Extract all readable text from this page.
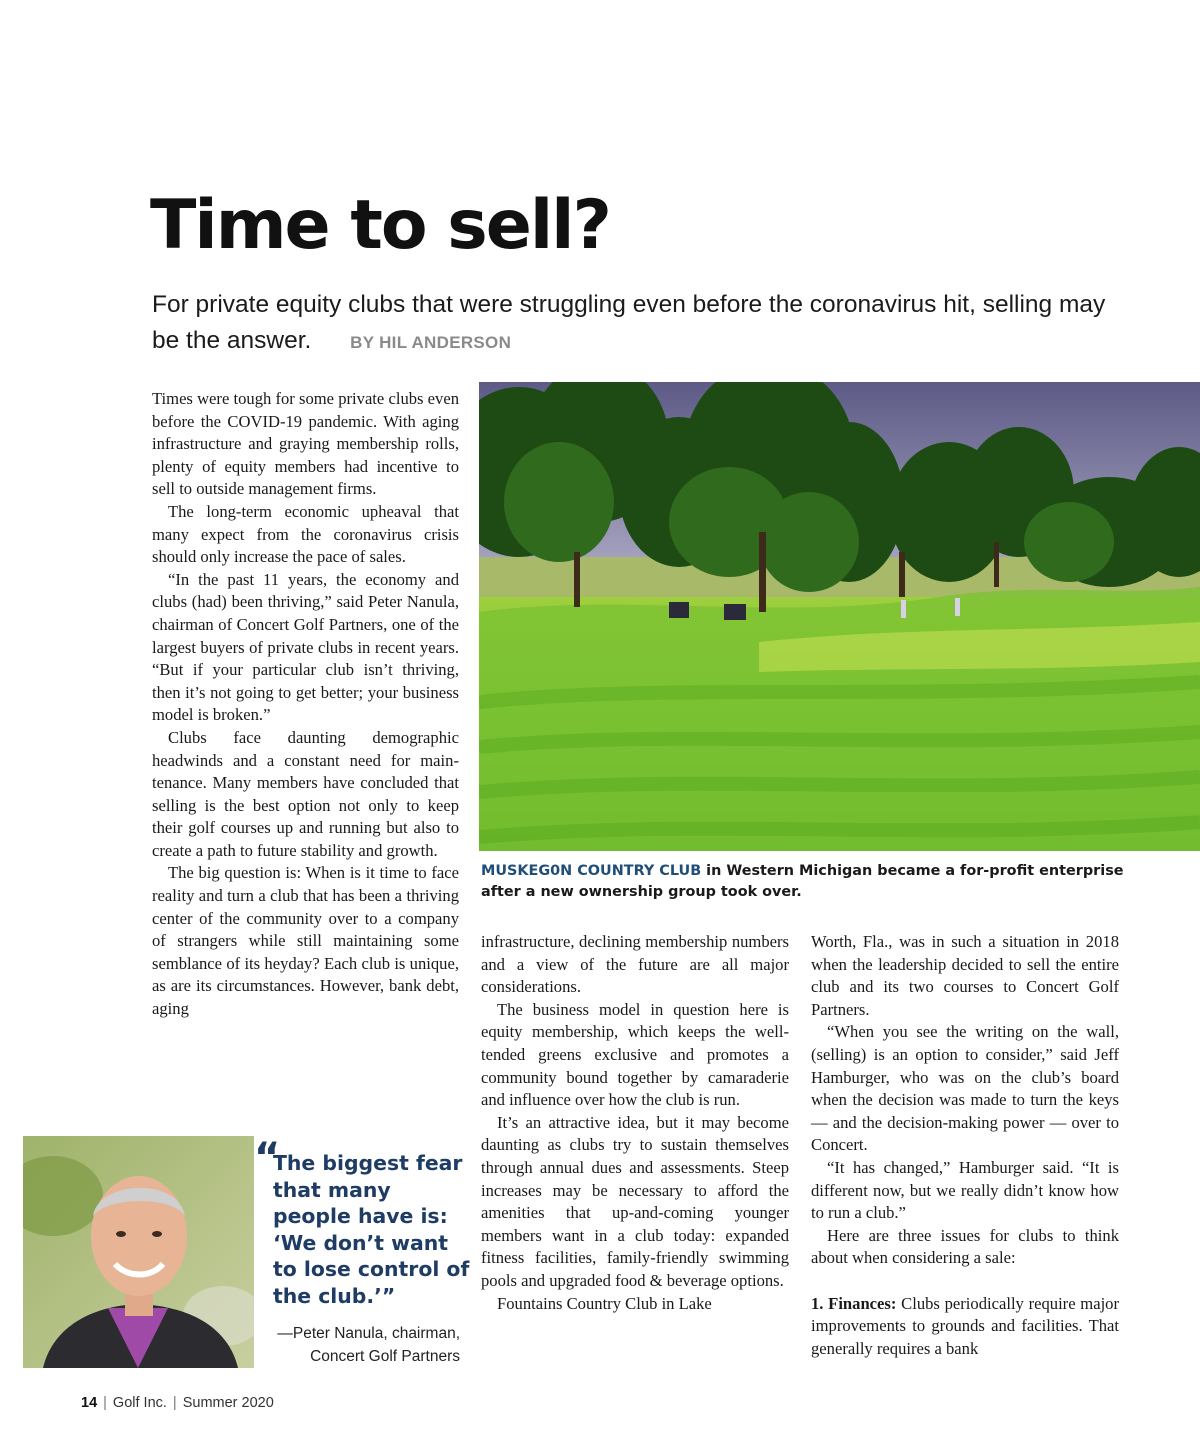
Time to sell?
For private equity clubs that were struggling even before the coronavirus hit, selling may be the answer. BY HIL ANDERSON

Times were tough for some private clubs even before the COVID-19 pandemic. With aging infrastructure and graying membership rolls, plenty of equity members had incentive to sell to outside management firms.

The long-term economic upheaval that many expect from the coronavirus crisis should only increase the pace of sales.

“In the past 11 years, the economy and clubs (had) been thriving,” said Peter Nanula, chairman of Concert Golf Partners, one of the largest buyers of private clubs in recent years. “But if your particular club isn’t thriving, then it’s not going to get better; your business model is broken.”

Clubs face daunting demographic headwinds and a constant need for maintenance. Many members have concluded that selling is the best option not only to keep their golf courses up and running but also to create a path to future stability and growth.

The big question is: When is it time to face reality and turn a club that has been a thriving center of the community over to a company of strangers while still maintaining some semblance of its heyday? Each club is unique, as are its circumstances. However, bank debt, aging

MUSKEG0N COUNTRY CLUB in Western Michigan became a for-profit enterprise after a new ownership group took over.

infrastructure, declining membership numbers and a view of the future are all major considerations.

The business model in question here is equity membership, which keeps the well-tended greens exclusive and promotes a community bound together by camaraderie and influence over how the club is run.

It’s an attractive idea, but it may become daunting as clubs try to sustain themselves through annual dues and assessments. Steep increases may be necessary to afford the amenities that up-and-coming younger members want in a club today: expanded fitness facilities, family-friendly swimming pools and upgraded food & beverage options.

Fountains Country Club in Lake

Worth, Fla., was in such a situation in 2018 when the leadership decided to sell the entire club and its two courses to Concert Golf Partners.

“When you see the writing on the wall, (selling) is an option to consider,” said Jeff Hamburger, who was on the club’s board when the decision was made to turn the keys — and the decision-making power — over to Concert.

“It has changed,” Hamburger said. “It is different now, but we really didn’t know how to run a club.”

Here are three issues for clubs to think about when considering a sale:

1. Finances: Clubs periodically require major improvements to grounds and facilities. That generally requires a bank

“
The biggest fear that many people have is: ‘We don’t want to lose control of the club.’”
—Peter Nanula, chairman,
Concert Golf Partners
14 | Golf Inc. | Summer 2020
